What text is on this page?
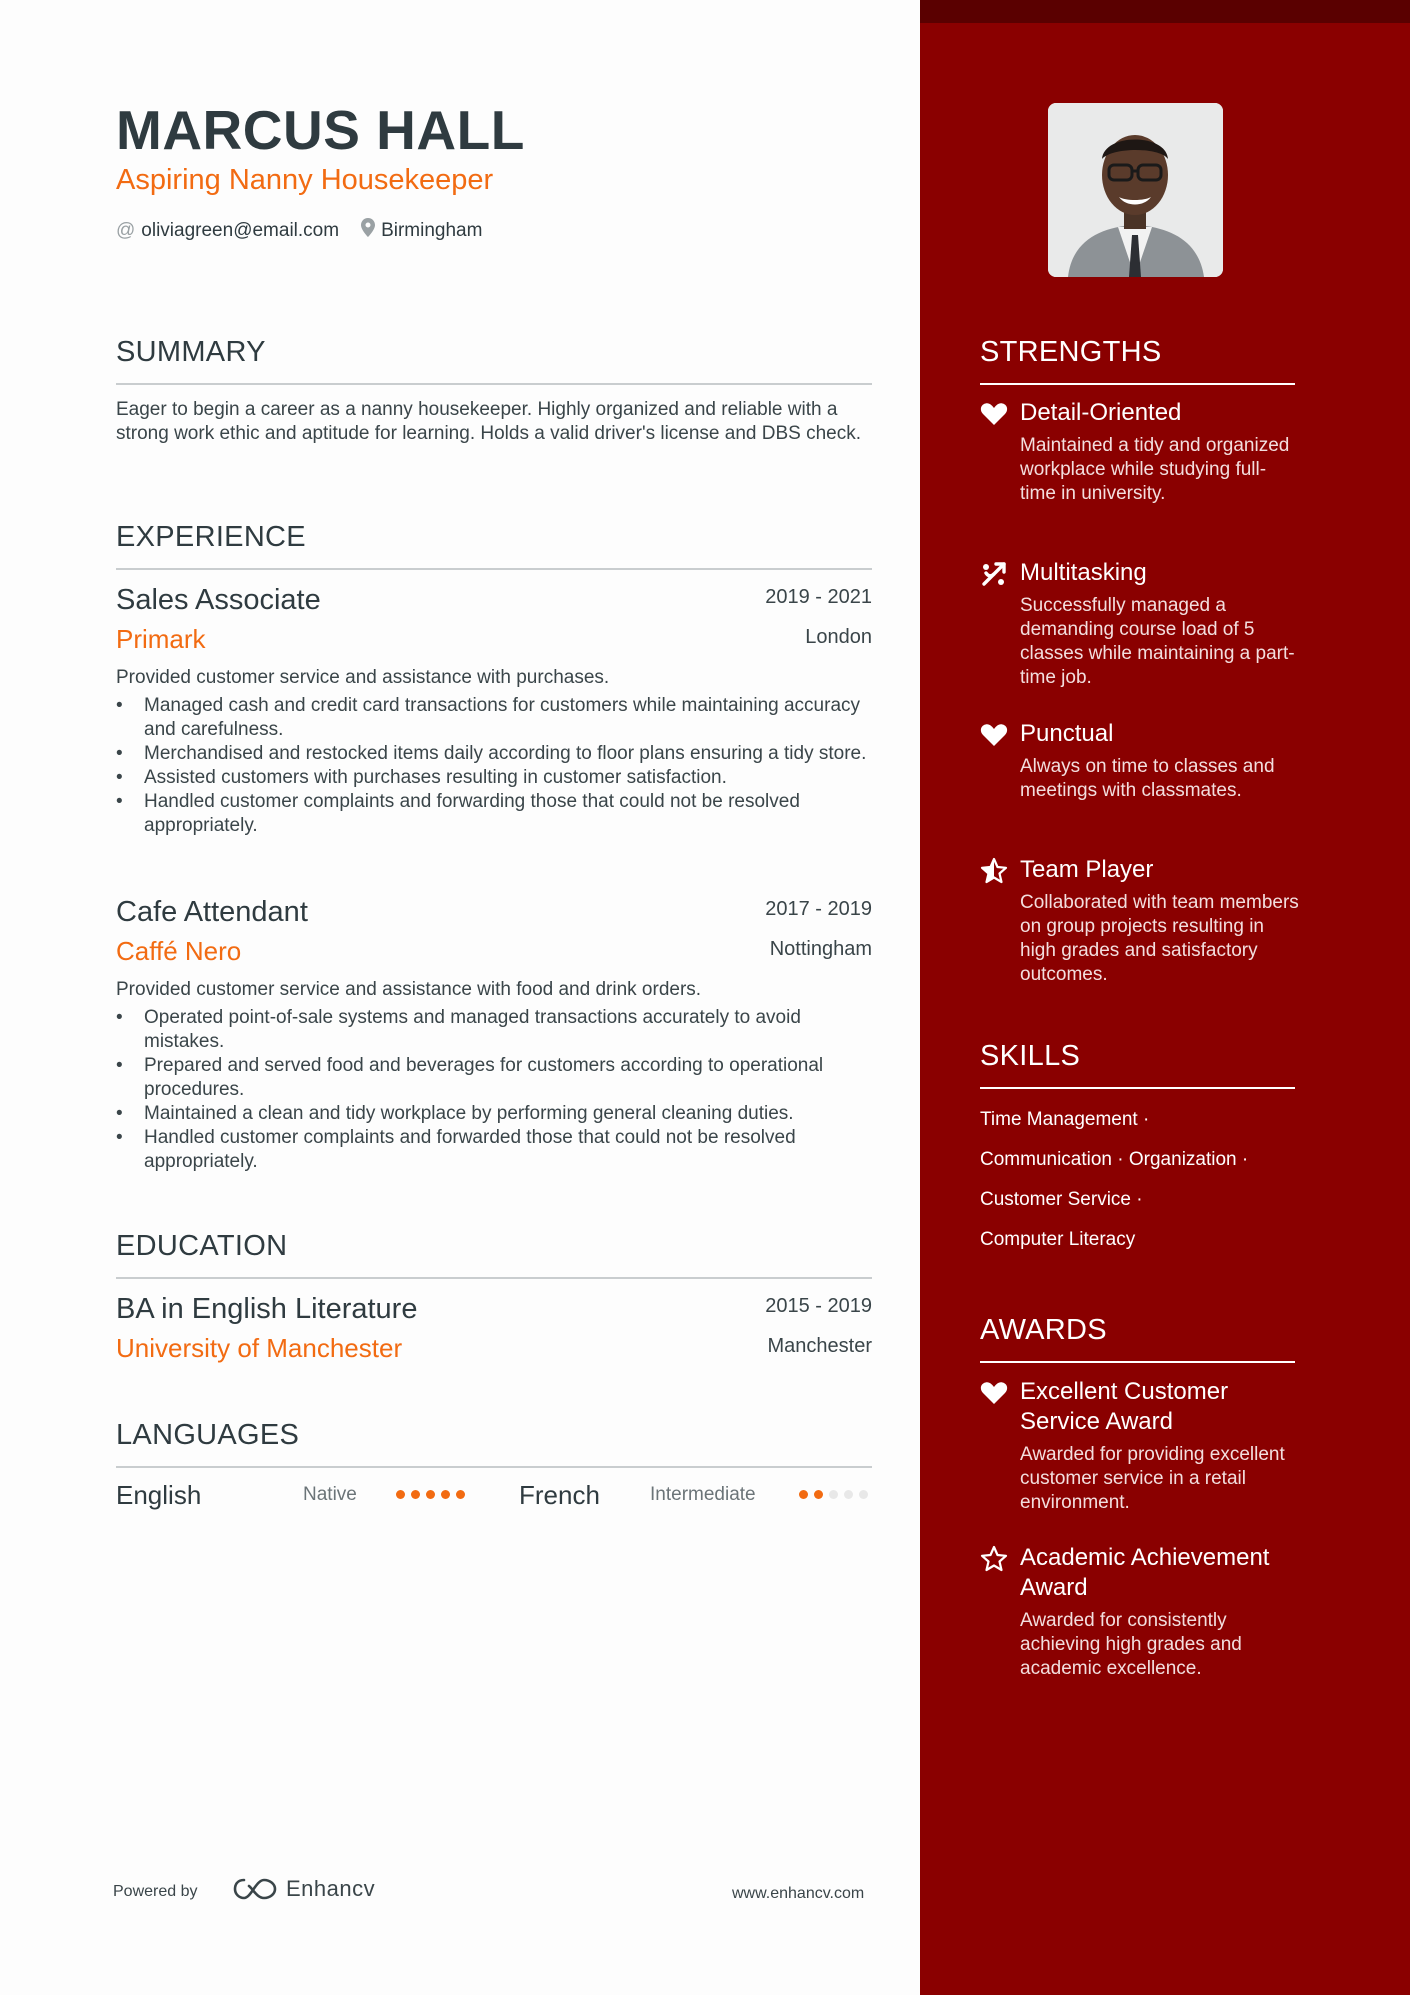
MARCUS HALL
Aspiring Nanny Housekeeper
@ oliviagreen@email.com Birmingham
SUMMARY
Eager to begin a career as a nanny housekeeper. Highly organized and reliable with a strong work ethic and aptitude for learning. Holds a valid driver's license and DBS check.
EXPERIENCE
Sales Associate	2019 - 2021
Primark	London
Provided customer service and assistance with purchases.
• Managed cash and credit card transactions for customers while maintaining accuracy and carefulness.
• Merchandised and restocked items daily according to floor plans ensuring a tidy store.
• Assisted customers with purchases resulting in customer satisfaction.
• Handled customer complaints and forwarding those that could not be resolved appropriately.
Cafe Attendant	2017 - 2019
Caffé Nero	Nottingham
Provided customer service and assistance with food and drink orders.
• Operated point-of-sale systems and managed transactions accurately to avoid mistakes.
• Prepared and served food and beverages for customers according to operational procedures.
• Maintained a clean and tidy workplace by performing general cleaning duties.
• Handled customer complaints and forwarded those that could not be resolved appropriately.
EDUCATION
BA in English Literature	2015 - 2019
University of Manchester	Manchester
LANGUAGES
English	Native	French	Intermediate
Powered by	Enhancv	www.enhancv.com
STRENGTHS
Detail-Oriented
Maintained a tidy and organized workplace while studying full-time in university.
Multitasking
Successfully managed a demanding course load of 5 classes while maintaining a part-time job.
Punctual
Always on time to classes and meetings with classmates.
Team Player
Collaborated with team members on group projects resulting in high grades and satisfactory outcomes.
SKILLS
Time Management ·
Communication · Organization ·
Customer Service ·
Computer Literacy
AWARDS
Excellent Customer Service Award
Awarded for providing excellent customer service in a retail environment.
Academic Achievement Award
Awarded for consistently achieving high grades and academic excellence.
